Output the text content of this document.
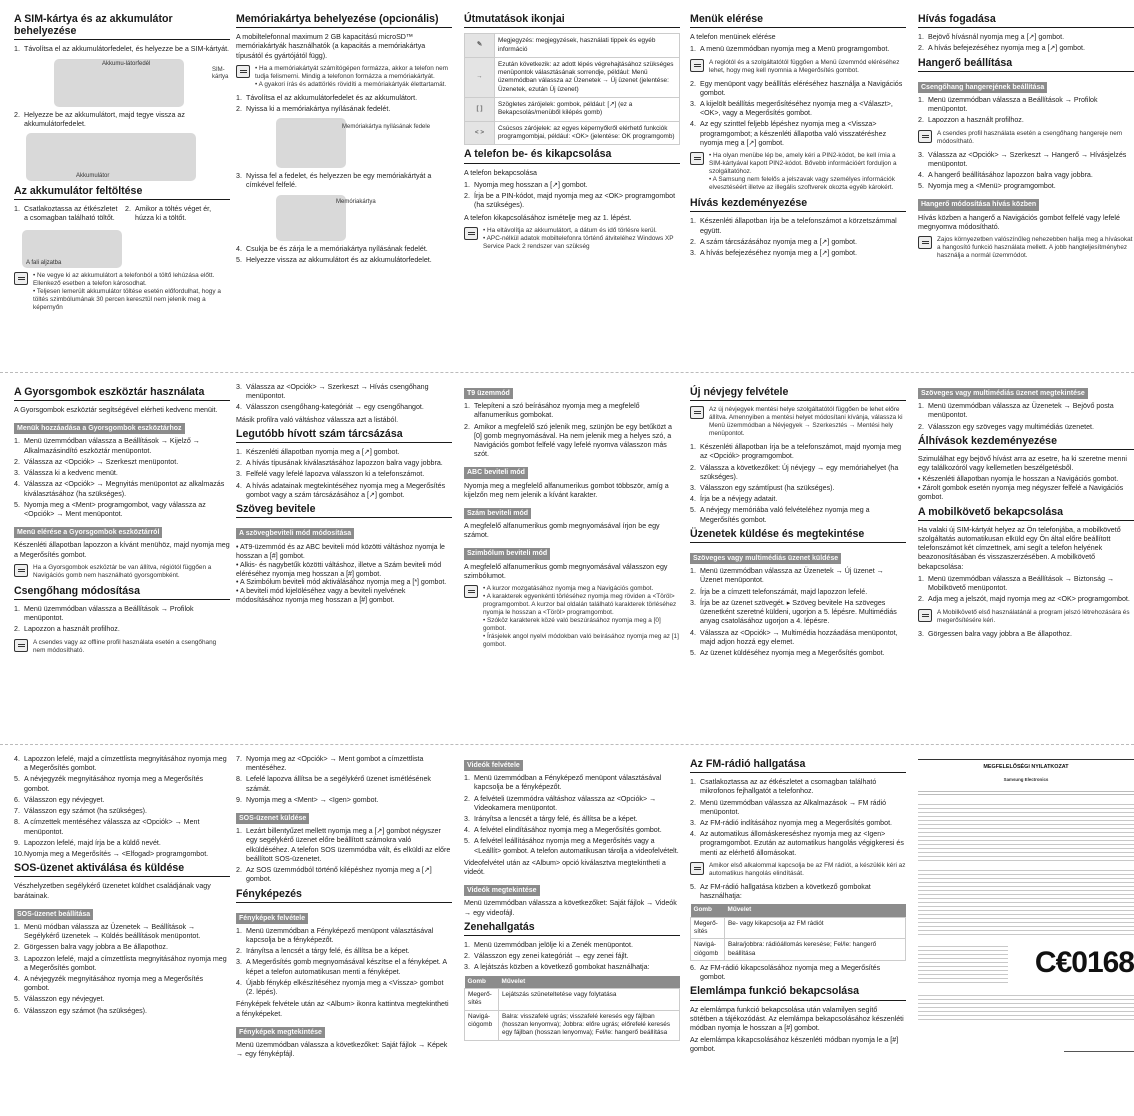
A SIM-kártya és az akkumulátor behelyezése
1. Távolítsa el az akkumulátorfedelet, és helyezze be a SIM-kártyát.
Akkumu-látorfedél
SIM-kártya
2. Helyezze be az akkumulátort, majd tegye vissza az akkumulátorfedelet.
Akkumulátor
Az akkumulátor feltöltése
1. Csatlakoztassa az étkészletet a csomagban található töltőt.
2. Amikor a töltés véget ér, húzza ki a töltőt.
A fali aljzatba
• Ne vegye ki az akkumulátort a telefonból a töltő lehúzása előtt. Ellenkező esetben a telefon károsodhat.
• Teljesen lemerült akkumulátor töltése esetén előfordulhat, hogy a töltés szimbólumának 30 percen keresztül nem jelenik meg a képernyőn
Memóriakártya behelyezése (opcionális)

A mobiltelefonnal maximum 2 GB kapacitású microSD™ memóriakártyák használhatók (a kapacitás a memóriakártya típusától és gyártójától függ).

• Ha a memóriakártyát számítógépen formázza, akkor a telefon nem tudja felismerni. Mindig a telefonon formázza a memóriakártyát.
• A gyakori írás és adattörlés rövidíti a memóriakártyák élettartamát.
1. Távolítsa el az akkumulátorfedelet és az akkumulátort.
2. Nyissa ki a memóriakártya nyílásának fedelét.
Memóriakártya nyílásának fedele
3. Nyissa fel a fedelet, és helyezzen be egy memóriakártyát a címkével felfelé.
Memóriakártya
4. Csukja be és zárja le a memóriakártya nyílásának fedelét.
5. Helyezze vissza az akkumulátort és az akkumulátorfedelet.
Útmutatások ikonjai
✎	Megjegyzés: megjegyzések, használati tippek és egyéb információ
→	Ezután következik: az adott lépés végrehajtásához szükséges menüpontok választásának sorrendje, például: Menü üzemmódban válassza az Üzenetek → Új üzenet (jelentése: Üzenetek, ezután Új üzenet)
[ ]	Szögletes zárójelek: gombok, például: [↗] (ez a Bekapcsolás/menüből kilépés gomb)
< >	Csúcsos zárójelek: az egyes képernyőkről elérhető funkciók programgombjai, például: <OK> (jelentése: OK programgomb)
A telefon be- és kikapcsolása

A telefon bekapcsolása

1. Nyomja meg hosszan a [↗] gombot.
2. Írja be a PIN-kódot, majd nyomja meg az <OK> programgombot (ha szükséges).

A telefon kikapcsolásához ismételje meg az 1. lépést.

• Ha eltávolítja az akkumulátort, a dátum és idő törlésre kerül.
• APC-nélkül adatok mobiltelefonra történő átviteléhez Windows XP Service Pack 2 rendszer van szükség
Menük elérése

A telefon menüinek elérése

1. A menü üzemmódban nyomja meg a Menü programgombot.
A regiótól és a szolgáltatótól függően a Menü üzemmód eléréséhez lehet, hogy meg kell nyomnia a Megerősítés gombot.
2. Egy menüpont vagy beállítás eléréséhez használja a Navigációs gombot.
3. A kijelölt beállítás megerősítéséhez nyomja meg a <Választ>, <OK>, vagy a Megerősítés gombot.
4. Az egy szinttel feljebb lépéshez nyomja meg a <Vissza> programgombot; a készenléti állapotba való visszatéréshez nyomja meg a [↗] gombot.
• Ha olyan menübe lép be, amely kéri a PIN2-kódot, be kell írnia a SIM-kártyával kapott PIN2-kódot. Bővebb információért forduljon a szolgáltatóhoz.
• A Samsung nem felelős a jelszavak vagy személyes információk elvesztéséért illetve az illegális szoftverek okozta egyéb károkért.
Hívás kezdeményezése
1. Készenléti állapotban írja be a telefonszámot a körzetszámmal együtt.
2. A szám tárcsázásához nyomja meg a [↗] gombot.
3. A hívás befejezéséhez nyomja meg a [↗] gombot.
Hívás fogadása
1. Bejövő hívásnál nyomja meg a [↗] gombot.
2. A hívás befejezéséhez nyomja meg a [↗] gombot.
Hangerő beállítása
Csengőhang hangerejének beállítása
1. Menü üzemmódban válassza a Beállítások → Profilok menüpontot.
2. Lapozzon a használt profilhoz.
A csendes profil használata esetén a csengőhang hangereje nem módosítható.
3. Válassza az <Opciók> → Szerkeszt → Hangerő → Hívásjelzés menüpontot.
4. A hangerő beállításához lapozzon balra vagy jobbra.
5. Nyomja meg a <Menü> programgombot.
Hangerő módosítása hívás közben

Hívás közben a hangerő a Navigációs gombot felfelé vagy lefelé megnyomva módosítható.

Zajos környezetben valószínűleg nehezebben hallja meg a hívásokat a hangosító funkció használata mellett. A jobb hangteljesítményhez használja a normál üzemmódot.
A Gyorsgombok eszköztár használata

A Gyorsgombok eszköztár segítségével elérheti kedvenc menüit.

Menük hozzáadása a Gyorsgombok eszköztárhoz
1. Menü üzemmódban válassza a Beállítások → Kijelző → Alkalmazásindító eszköztár menüpontot.
2. Válassza az <Opciók> → Szerkeszt menüpontot.
3. Válassza ki a kedvenc menüt.
4. Válassza az <Opciók> → Megnyitás menüpontot az alkalmazás kiválasztásához (ha szükséges).
5. Nyomja meg a <Ment> programgombot, vagy válassza az <Opciók> → Ment menüpontot.
Menü elérése a Gyorsgombok eszköztárról

Készenléti állapotban lapozzon a kívánt menühöz, majd nyomja meg a Megerősítés gombot.

Ha a Gyorsgombok eszköztár be van állítva, régiótól függően a Navigációs gomb nem használható gyorsgombként.
Csengőhang módosítása
1. Menü üzemmódban válassza a Beállítások → Profilok menüpontot.
2. Lapozzon a használt profilhoz.
A csendes vagy az offline profil használata esetén a csengőhang nem módosítható.
3. Válassza az <Opciók> → Szerkeszt → Hívás csengőhang menüpontot.
4. Válasszon csengőhang-kategóriát → egy csengőhangot.

Másik profilra való váltáshoz válassza azt a listából.

Legutóbb hívott szám tárcsázása
1. Készenléti állapotban nyomja meg a [↗] gombot.
2. A hívás típusának kiválasztásához lapozzon balra vagy jobbra.
3. Felfelé vagy lefelé lapozva válasszon ki a telefonszámot.
4. A hívás adatainak megtekintéséhez nyomja meg a Megerősítés gombot vagy a szám tárcsázásához a [↗] gombot.
Szöveg bevitele
A szövegbeviteli mód módosítása
• AT9-üzemmód és az ABC beviteli mód közötti váltáshoz nyomja le hosszan a [#] gombot.
• Alkis- és nagybetűk közötti váltáshoz, illetve a Szám beviteli mód eléréséhez nyomja meg hosszan a [#] gombot.
• A Szimbólum beviteli mód aktiválásához nyomja meg a [*] gombot.
• A beviteli mód kijelöléséhez vagy a beviteli nyelvének módosításához nyomja meg hosszan a [#] gombot.
T9 üzemmód
1. Telepíteni a szó beírásához nyomja meg a megfelelő alfanumerikus gombokat.
2. Amikor a megfelelő szó jelenik meg, szünjön be egy betűközt a [0] gomb megnyomásával. Ha nem jelenik meg a helyes szó, a Navigációs gombot felfelé vagy lefelé nyomva válasszon más szót.
ABC beviteli mód

Nyomja meg a megfelelő alfanumerikus gombot többször, amíg a kijelzőn meg nem jelenik a kívánt karakter.

Szám beviteli mód

A megfelelő alfanumerikus gomb megnyomásával írjon be egy számot.

Szimbólum beviteli mód

A megfelelő alfanumerikus gomb megnyomásával válasszon egy szimbólumot.

• A kurzor mozgatásához nyomja meg a Navigációs gombot.
• A karakterek egyenkénti törléséhez nyomja meg röviden a <Töröl> programgombot. A kurzor bal oldalán található karakterek törléséhez nyomja le hosszan a <Töröl> programgombot.
• Szóköz karakterek közé való beszúrásához nyomja meg a [0] gombot.
• Írásjelek angol nyelvi módokban való beírásához nyomja meg az [1] gombot.
Új névjegy felvétele
Az új névjegyek mentési helye szolgáltatótól függően be lehet előre állítva. Amennyiben a mentési helyet módosítani kívánja, válassza ki Menü üzemmódban a Névjegyek → Szerkesztés → Mentési hely menüpontot.
1. Készenléti állapotban írja be a telefonszámot, majd nyomja meg az <Opciók> programgombot.
2. Válassza a következőket: Új névjegy → egy memóriahelyet (ha szükséges).
3. Válasszon egy számtípust (ha szükséges).
4. Írja be a névjegy adatait.
5. A névjegy memóriába való felvételéhez nyomja meg a Megerősítés gombot.
Üzenetek küldése és megtekintése
Szöveges vagy multimédiás üzenet küldése
1. Menü üzemmódban válassza az Üzenetek → Új üzenet → Üzenet menüpontot.
2. Írja be a címzett telefonszámát, majd lapozzon lefelé.
3. Írja be az üzenet szövegét. ▸ Szöveg bevitele Ha szöveges üzenetként szeretné küldeni, ugorjon a 5. lépésre. Multimédiás anyag csatolásához ugorjon a 4. lépésre.
4. Válassza az <Opciók> → Multimédia hozzáadása menüpontot, majd adjon hozzá egy elemet.
5. Az üzenet küldéséhez nyomja meg a Megerősítés gombot.
Szöveges vagy multimédiás üzenet megtekintése
1. Menü üzemmódban válassza az Üzenetek → Bejövő posta menüpontot.
2. Válasszon egy szöveges vagy multimédiás üzenetet.
Álhívások kezdeményezése

Szimulálhat egy bejövő hívást arra az esetre, ha ki szeretne menni egy találkozóról vagy kellemetlen beszélgetésből.

• Készenléti állapotban nyomja le hosszan a Navigációs gombot.
• Zárolt gombok esetén nyomja meg négyszer felfelé a Navigációs gombot.
A mobilkövető bekapcsolása

Ha valaki új SIM-kártyát helyez az Ön telefonjába, a mobilkövető szolgáltatás automatikusan elküld egy Ön által előre beállított telefonszámot két címzettnek, ami segít a telefon helyének beazonosításában és visszaszerzésében. A mobilkövető bekapcsolása:

1. Menü üzemmódban válassza a Beállítások → Biztonság → Mobilkövető menüpontot.
2. Adja meg a jelszót, majd nyomja meg az <OK> programgombot.
A Mobilkövető első használatánál a program jelszó létrehozására és megerősítésére kéri.
3. Görgessen balra vagy jobbra a Be állapothoz.
4. Lapozzon lefelé, majd a címzettlista megnyitásához nyomja meg a Megerősítés gombot.
5. A névjegyzék megnyitásához nyomja meg a Megerősítés gombot.
6. Válasszon egy névjegyet.
7. Válasszon egy számot (ha szükséges).
8. A címzettek mentéséhez válassza az <Opciók> → Ment menüpontot.
9. Lapozzon lefelé, majd írja be a küldő nevét.
10. Nyomja meg a Megerősítés → <Elfogad> programgombot.
SOS-üzenet aktiválása és küldése

Vészhelyzetben segélykérő üzenetet küldhet családjának vagy barátainak.

SOS-üzenet beállítása
1. Menü módban válassza az Üzenetek → Beállítások → Segélykérő üzenetek → Küldés beállítások menüpontot.
2. Görgessen balra vagy jobbra a Be állapothoz.
3. Lapozzon lefelé, majd a címzettlista megnyitásához nyomja meg a Megerősítés gombot.
4. A névjegyzék megnyitásához nyomja meg a Megerősítés gombot.
5. Válasszon egy névjegyet.
6. Válasszon egy számot (ha szükséges).
7. Nyomja meg az <Opciók> → Ment gombot a címzettlista mentéséhez.
8. Lefelé lapozva állítsa be a segélykérő üzenet ismétlésének számát.
9. Nyomja meg a <Ment> → <Igen> gombot.
SOS-üzenet küldése
1. Lezárt billentyűzet mellett nyomja meg a [↗] gombot négyszer egy segélykérő üzenet előre beállított számokra való elküldéséhez. A telefon SOS üzemmódba vált, és elküldi az előre beállított SOS-üzenetet.
2. Az SOS üzemmódból történő kilépéshez nyomja meg a [↗] gombot.
Fényképezés
Fényképek felvétele
1. Menü üzemmódban a Fényképező menüpont választásával kapcsolja be a fényképezőt.
2. Irányítsa a lencsét a tárgy felé, és állítsa be a képet.
3. A Megerősítés gomb megnyomásával készítse el a fényképet. A képet a telefon automatikusan menti a fényképet.
4. Újabb fénykép elkészítéséhez nyomja meg a <Vissza> gombot (2. lépés).

Fényképek felvétele után az <Album> ikonra kattintva megtekintheti a fényképeket.

Fényképek megtekintése

Menü üzemmódban válassza a következőket: Saját fájlok → Képek → egy fényképfájl.

Videók felvétele
1. Menü üzemmódban a Fényképező menüpont választásával kapcsolja be a fényképezőt.
2. A felvételi üzemmódra váltáshoz válassza az <Opciók> → Videokamera menüpontot.
3. Irányítsa a lencsét a tárgy felé, és állítsa be a képet.
4. A felvétel elindításához nyomja meg a Megerősítés gombot.
5. A felvétel leállításához nyomja meg a Megerősítés vagy a <Leállít> gombot. A telefon automatikusan tárolja a videofelvételt.

Videofelvétel után az <Album> opció kiválasztva megtekintheti a videót.

Videók megtekintése

Menü üzemmódban válassza a következőket: Saját fájlok → Videók → egy videofájl.

Zenehallgatás
1. Menü üzemmódban jelölje ki a Zenék menüpontot.
2. Válasszon egy zenei kategóriát → egy zenei fájlt.
3. A lejátszás közben a következő gombokat használhatja:
Gomb	Művelet
Megerő-sítés	Lejátszás szüneteltetése vagy folytatása
Navigá-ciógomb	Balra: visszafelé ugrás; visszafelé keresés egy fájlban (hosszan lenyomva); Jobbra: előre ugrás; előrefelé keresés egy fájlban (hosszan lenyomva); Fel/le: hangerő beállítása
Az FM-rádió hallgatása
1. Csatlakoztassa az az étkészletet a csomagban található mikrofonos fejhallgatót a telefonhoz.
2. Menü üzemmódban válassza az Alkalmazások → FM rádió menüpontot.
3. Az FM-rádió indításához nyomja meg a Megerősítés gombot.
4. Az automatikus állomáskereséshez nyomja meg az <Igen> programgombot. Ezután az automatikus hangolás végigkeresi és menti az elérhető állomásokat.
Amikor első alkalommal kapcsolja be az FM rádiót, a készülék kéri az automatikus hangolás elindítását.
5. Az FM-rádió hallgatása közben a következő gombokat használhatja:
Gomb	Művelet
Megerő-sítés	Be- vagy kikapcsolja az FM rádiót
Navigá-ciógomb	Balra/jobbra: rádióállomás keresése; Fel/le: hangerő beállítása
6. Az FM-rádió kikapcsolásához nyomja meg a Megerősítés gombot.
Elemlámpa funkció bekapcsolása

Az elemlámpa funkció bekapcsolása után valamilyen segítő sötétben a tájékozódást. Az elemlámpa bekapcsolásához készenléti módban nyomja le hosszan a [#] gombot.

Az elemlámpa kikapcsolásához készenléti módban nyomja le a [#] gombot.

MEGFELELŐSÉGI NYILATKOZAT
Samsung Electronics
C€0168
